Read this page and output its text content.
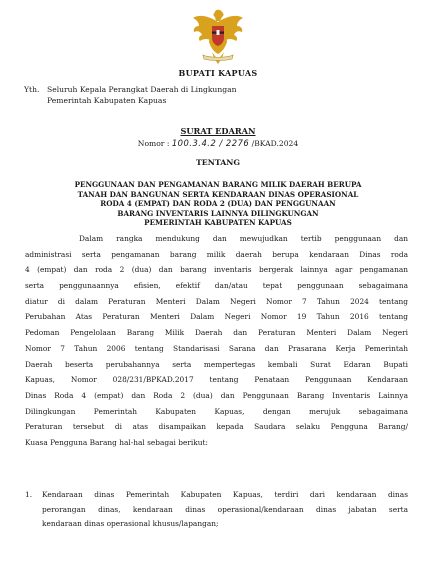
BUPATI KAPUAS
Yth. Seluruh Kepala Perangkat Daerah di Lingkungan
Pemerintah Kabupaten Kapuas
SURAT EDARAN
Nomor : 100.3.4.2 / 2276 /BKAD.2024
TENTANG
PENGGUNAAN DAN PENGAMANAN BARANG MILIK DAERAH BERUPA
TANAH DAN BANGUNAN SERTA KENDARAAN DINAS OPERASIONAL
RODA 4 (EMPAT) DAN RODA 2 (DUA) DAN PENGGUNAAN
BARANG INVENTARIS LAINNYA DILINGKUNGAN
PEMERINTAH KABUPATEN KAPUAS
Dalam rangka mendukung dan mewujudkan tertib penggunaan dan
administrasi serta pengamanan barang milik daerah berupa kendaraan Dinas roda
4 (empat) dan roda 2 (dua) dan barang inventaris bergerak lainnya agar pengamanan
serta penggunaannya efisien, efektif dan/atau tepat penggunaan sebagaimana
diatur di dalam Peraturan Menteri Dalam Negeri Nomor 7 Tahun 2024 tentang
Perubahan Atas Peraturan Menteri Dalam Negeri Nomor 19 Tahun 2016 tentang
Pedoman Pengelolaan Barang Milik Daerah dan Peraturan Menteri Dalam Negeri
Nomor 7 Tahun 2006 tentang Standarisasi Sarana dan Prasarana Kerja Pemerintah
Daerah beserta perubahannya serta mempertegas kembali Surat Edaran Bupati
Kapuas, Nomor 028/231/BPKAD.2017 tentang Penataan Penggunaan Kendaraan
Dinas Roda 4 (empat) dan Roda 2 (dua) dan Penggunaan Barang Inventaris Lainnya
Dilingkungan Pemerintah Kabupaten Kapuas, dengan merujuk sebagaimana
Peraturan tersebut di atas disampaikan kepada Saudara selaku Pengguna Barang/
Kuasa Pengguna Barang hal-hal sebagai berikut:
1. Kendaraan dinas Pemerintah Kabupaten Kapuas, terdiri dari kendaraan dinas
perorangan dinas, kendaraan dinas operasional/kendaraan dinas jabatan serta
kendaraan dinas operasional khusus/lapangan;
